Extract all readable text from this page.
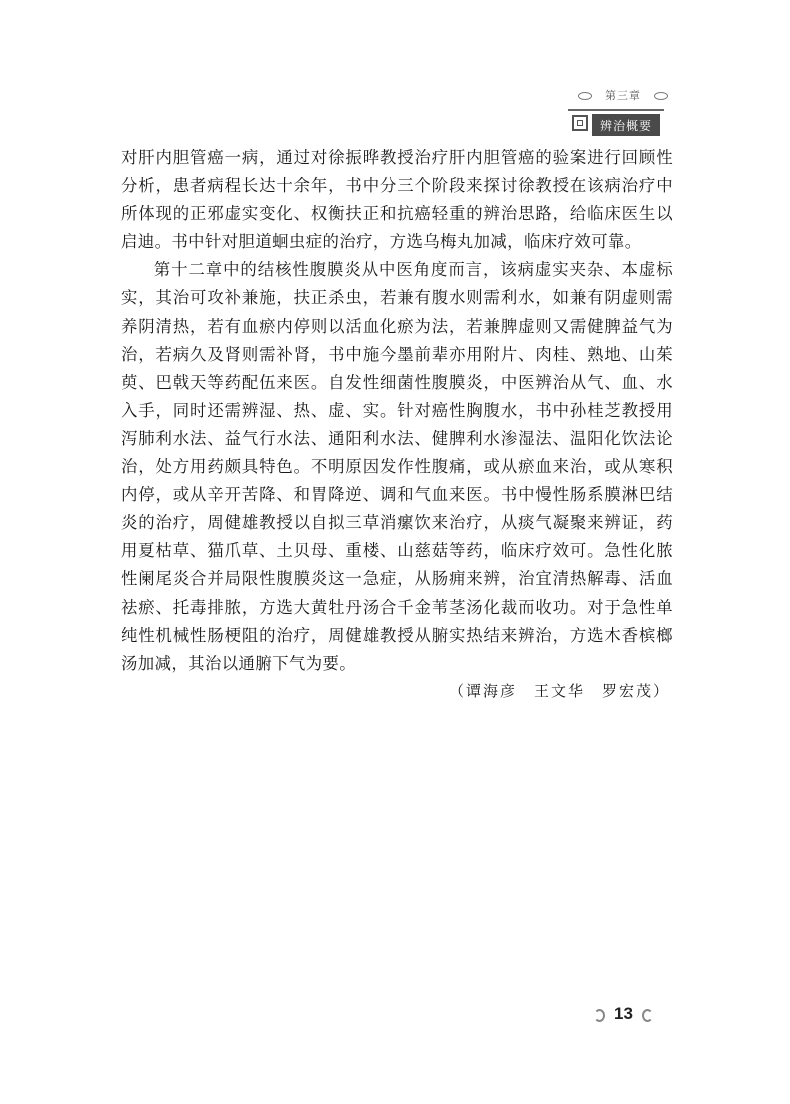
第三章
辨治概要

对肝内胆管癌一病，通过对徐振晔教授治疗肝内胆管癌的验案进行回顾性分析，患者病程长达十余年，书中分三个阶段来探讨徐教授在该病治疗中所体现的正邪虚实变化、权衡扶正和抗癌轻重的辨治思路，给临床医生以启迪。书中针对胆道蛔虫症的治疗，方选乌梅丸加减，临床疗效可靠。

第十二章中的结核性腹膜炎从中医角度而言，该病虚实夹杂、本虚标实，其治可攻补兼施，扶正杀虫，若兼有腹水则需利水，如兼有阴虚则需养阴清热，若有血瘀内停则以活血化瘀为法，若兼脾虚则又需健脾益气为治，若病久及肾则需补肾，书中施今墨前辈亦用附片、肉桂、熟地、山茱萸、巴戟天等药配伍来医。自发性细菌性腹膜炎，中医辨治从气、血、水入手，同时还需辨湿、热、虚、实。针对癌性胸腹水，书中孙桂芝教授用泻肺利水法、益气行水法、通阳利水法、健脾利水渗湿法、温阳化饮法论治，处方用药颇具特色。不明原因发作性腹痛，或从瘀血来治，或从寒积内停，或从辛开苦降、和胃降逆、调和气血来医。书中慢性肠系膜淋巴结炎的治疗，周健雄教授以自拟三草消瘰饮来治疗，从痰气凝聚来辨证，药用夏枯草、猫爪草、土贝母、重楼、山慈菇等药，临床疗效可。急性化脓性阑尾炎合并局限性腹膜炎这一急症，从肠痈来辨，治宜清热解毒、活血祛瘀、托毒排脓，方选大黄牡丹汤合千金苇茎汤化裁而收功。对于急性单纯性机械性肠梗阻的治疗，周健雄教授从腑实热结来辨治，方选木香槟榔汤加减，其治以通腑下气为要。

（谭海彦　王文华　罗宏茂）
13
